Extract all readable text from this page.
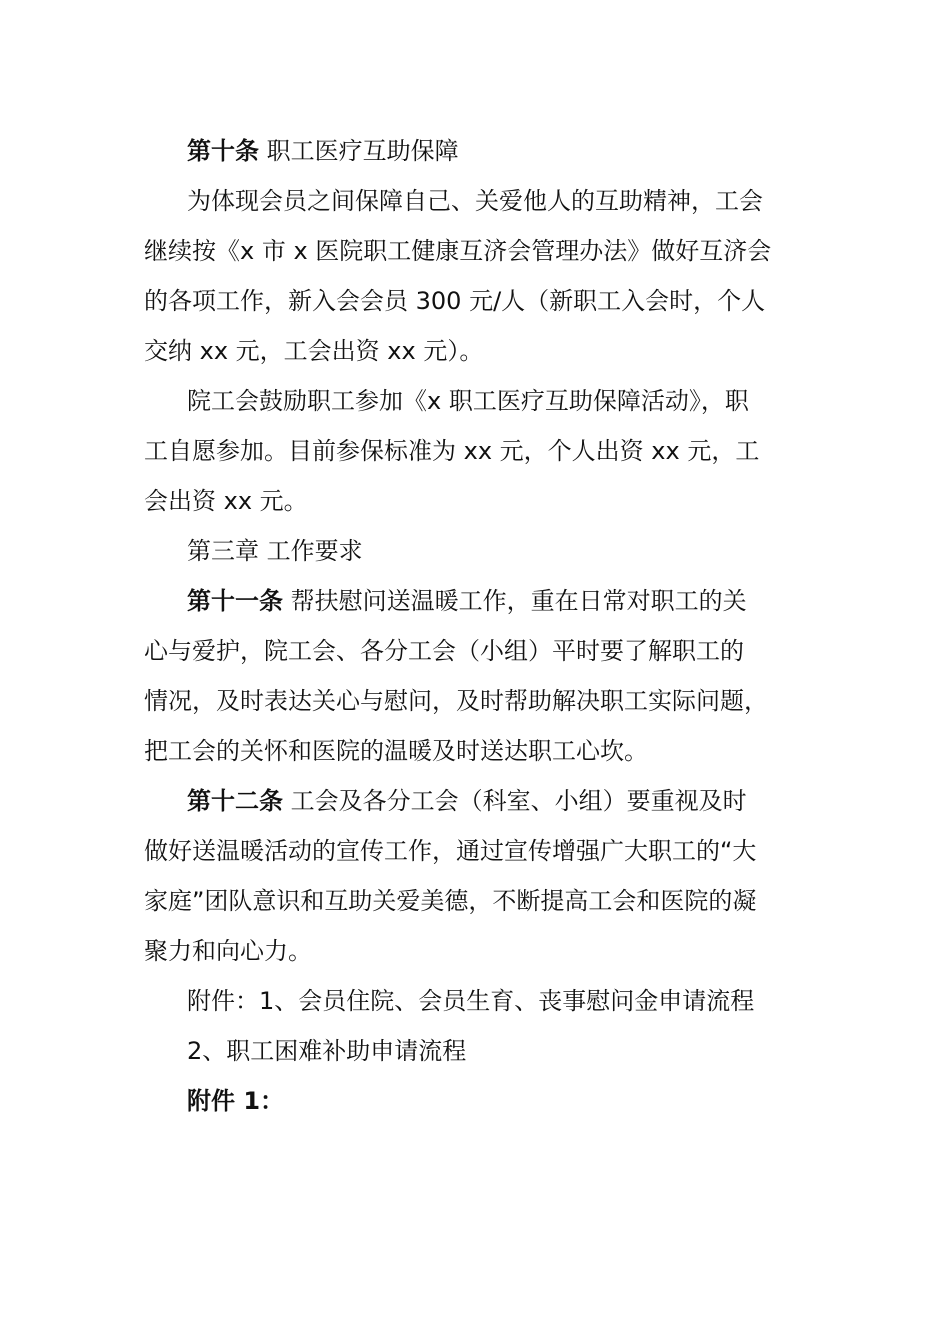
第十条 职工医疗互助保障
为体现会员之间保障自己、关爱他人的互助精神，工会
继续按《x 市 x 医院职工健康互济会管理办法》做好互济会
的各项工作，新入会会员 300 元/人（新职工入会时，个人
交纳 xx 元，工会出资 xx 元）。
院工会鼓励职工参加《x 职工医疗互助保障活动》，职
工自愿参加。目前参保标准为 xx 元，个人出资 xx 元，工
会出资 xx 元。
第三章 工作要求
第十一条 帮扶慰问送温暖工作，重在日常对职工的关
心与爱护，院工会、各分工会（小组）平时要了解职工的
情况，及时表达关心与慰问，及时帮助解决职工实际问题，
把工会的关怀和医院的温暖及时送达职工心坎。
第十二条 工会及各分工会（科室、小组）要重视及时
做好送温暖活动的宣传工作，通过宣传增强广大职工的“大
家庭”团队意识和互助关爱美德，不断提高工会和医院的凝
聚力和向心力。
附件：1、会员住院、会员生育、丧事慰问金申请流程
2、职工困难补助申请流程
附件 1：
